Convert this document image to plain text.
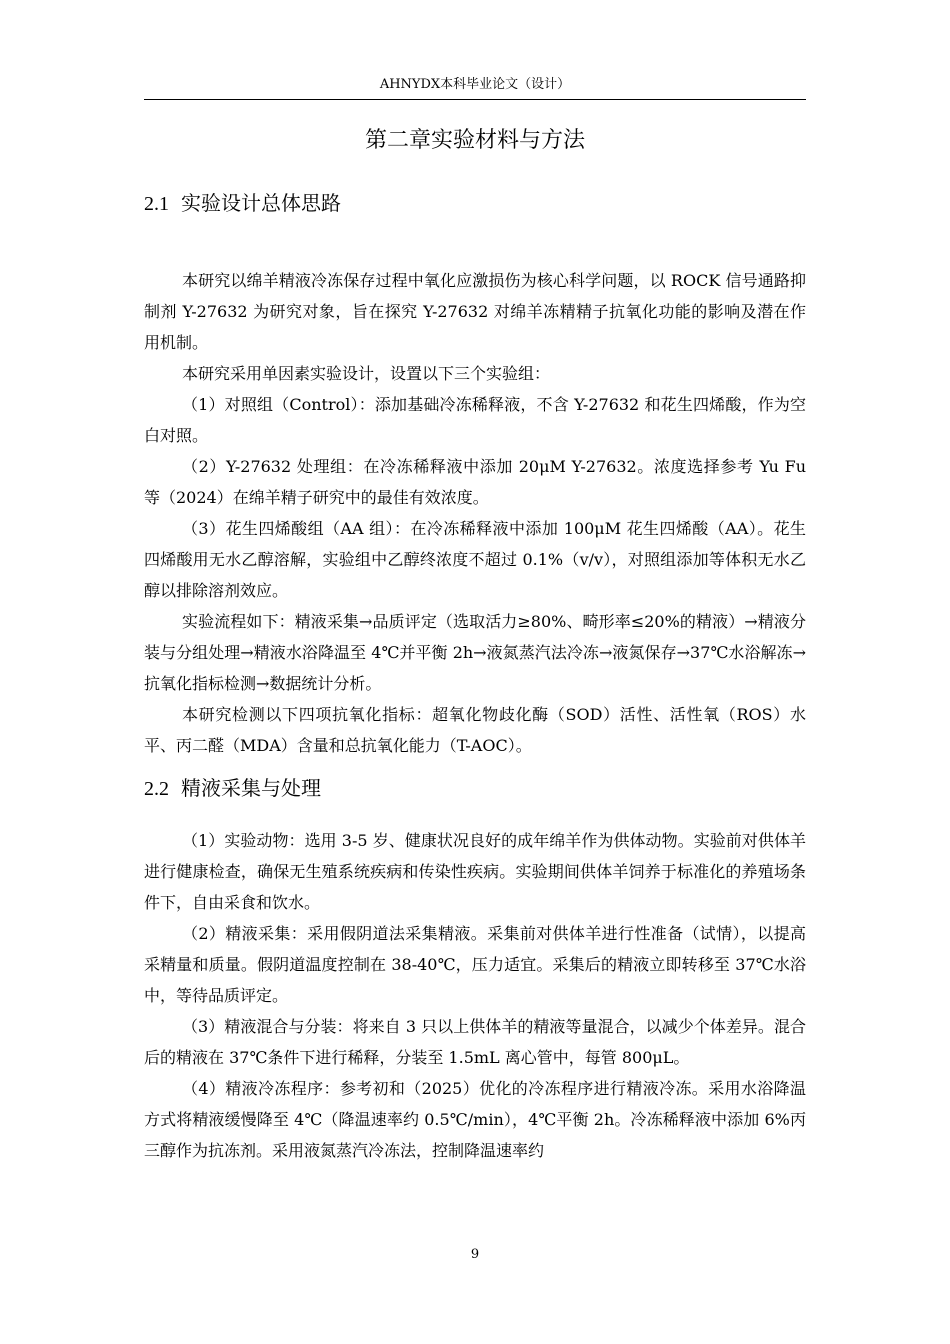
AHNYDX本科毕业论文（设计）
第二章实验材料与方法
2.1 实验设计总体思路

本研究以绵羊精液冷冻保存过程中氧化应激损伤为核心科学问题，以 ROCK 信号通路抑制剂 Y-27632 为研究对象，旨在探究 Y-27632 对绵羊冻精精子抗氧化功能的影响及潜在作用机制。

本研究采用单因素实验设计，设置以下三个实验组：

（1）对照组（Control）：添加基础冷冻稀释液，不含 Y-27632 和花生四烯酸，作为空白对照。

（2）Y-27632 处理组：在冷冻稀释液中添加 20μM Y-27632。浓度选择参考 Yu Fu 等（2024）在绵羊精子研究中的最佳有效浓度。

（3）花生四烯酸组（AA 组）：在冷冻稀释液中添加 100μM 花生四烯酸（AA）。花生四烯酸用无水乙醇溶解，实验组中乙醇终浓度不超过 0.1%（v/v），对照组添加等体积无水乙醇以排除溶剂效应。

实验流程如下：精液采集→品质评定（选取活力≥80%、畸形率≤20%的精液）→精液分装与分组处理→精液水浴降温至 4℃并平衡 2h→液氮蒸汽法冷冻→液氮保存→37℃水浴解冻→抗氧化指标检测→数据统计分析。

本研究检测以下四项抗氧化指标：超氧化物歧化酶（SOD）活性、活性氧（ROS）水平、丙二醛（MDA）含量和总抗氧化能力（T-AOC）。

2.2 精液采集与处理

（1）实验动物：选用 3-5 岁、健康状况良好的成年绵羊作为供体动物。实验前对供体羊进行健康检查，确保无生殖系统疾病和传染性疾病。实验期间供体羊饲养于标准化的养殖场条件下，自由采食和饮水。

（2）精液采集：采用假阴道法采集精液。采集前对供体羊进行性准备（试情），以提高采精量和质量。假阴道温度控制在 38-40℃，压力适宜。采集后的精液立即转移至 37℃水浴中，等待品质评定。

（3）精液混合与分装：将来自 3 只以上供体羊的精液等量混合，以减少个体差异。混合后的精液在 37℃条件下进行稀释，分装至 1.5mL 离心管中，每管 800μL。

（4）精液冷冻程序：参考初和（2025）优化的冷冻程序进行精液冷冻。采用水浴降温方式将精液缓慢降至 4℃（降温速率约 0.5℃/min），4℃平衡 2h。冷冻稀释液中添加 6%丙三醇作为抗冻剂。采用液氮蒸汽冷冻法，控制降温速率约

9
